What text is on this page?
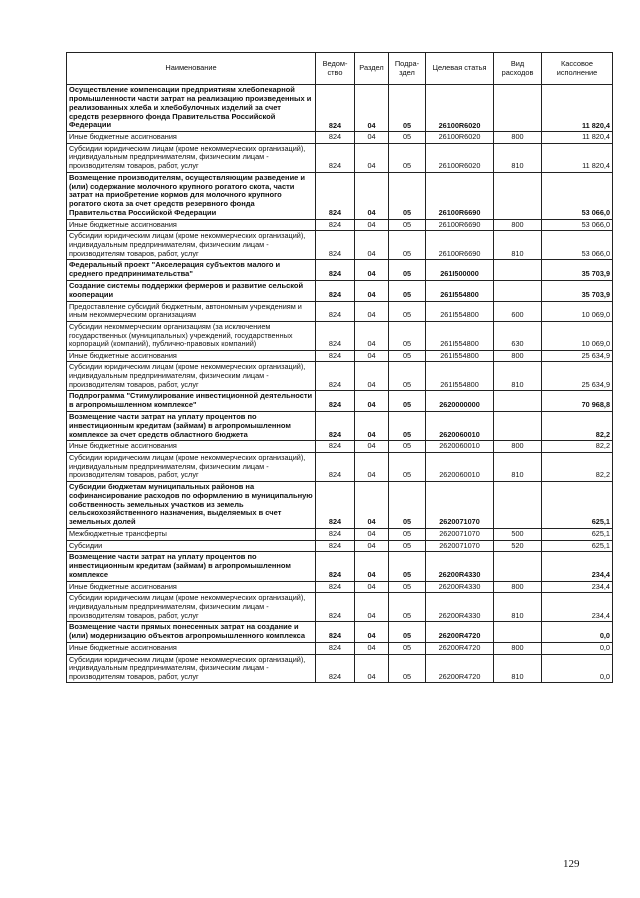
Наименование	Ведом-ство	Раздел	Подра-здел	Целевая статья	Вид расходов	Кассовое исполнение
Осуществление компенсации предприятиям хлебопекарной промышленности части затрат на реализацию произведенных и реализованных хлеба и хлебобулочных изделий за счет средств резервного фонда Правительства Российской Федерации	824	04	05	26100R6020		11 820,4
Иные бюджетные ассигнования	824	04	05	26100R6020	800	11 820,4
Субсидии юридическим лицам (кроме некоммерческих организаций), индивидуальным предпринимателям, физическим лицам - производителям товаров, работ, услуг	824	04	05	26100R6020	810	11 820,4
Возмещение производителям, осуществляющим разведение и (или) содержание молочного крупного рогатого скота, части затрат на приобретение кормов для молочного крупного рогатого скота за счет средств резервного фонда Правительства Российской Федерации	824	04	05	26100R6690		53 066,0
Иные бюджетные ассигнования	824	04	05	26100R6690	800	53 066,0
Субсидии юридическим лицам (кроме некоммерческих организаций), индивидуальным предпринимателям, физическим лицам - производителям товаров, работ, услуг	824	04	05	26100R6690	810	53 066,0
Федеральный проект "Акселерация субъектов малого и среднего предпринимательства"	824	04	05	261I500000		35 703,9
Создание системы поддержки фермеров и развитие сельской кооперации	824	04	05	261I554800		35 703,9
Предоставление субсидий бюджетным, автономным учреждениям и иным некоммерческим организациям	824	04	05	261I554800	600	10 069,0
Субсидии некоммерческим организациям (за исключением государственных (муниципальных) учреждений, государственных корпораций (компаний), публично-правовых компаний)	824	04	05	261I554800	630	10 069,0
Иные бюджетные ассигнования	824	04	05	261I554800	800	25 634,9
Субсидии юридическим лицам (кроме некоммерческих организаций), индивидуальным предпринимателям, физическим лицам - производителям товаров, работ, услуг	824	04	05	261I554800	810	25 634,9
Подпрограмма "Стимулирование инвестиционной деятельности в агропромышленном комплексе"	824	04	05	2620000000		70 968,8
Возмещение части затрат на уплату процентов по инвестиционным кредитам (займам) в агропромышленном комплексе за счет средств областного бюджета	824	04	05	2620060010		82,2
Иные бюджетные ассигнования	824	04	05	2620060010	800	82,2
Субсидии юридическим лицам (кроме некоммерческих организаций), индивидуальным предпринимателям, физическим лицам - производителям товаров, работ, услуг	824	04	05	2620060010	810	82,2
Субсидии бюджетам муниципальных районов на софинансирование расходов по оформлению в муниципальную собственность земельных участков из земель сельскохозяйственного назначения, выделяемых в счет земельных долей	824	04	05	2620071070		625,1
Межбюджетные трансферты	824	04	05	2620071070	500	625,1
Субсидии	824	04	05	2620071070	520	625,1
Возмещение части затрат на уплату процентов по инвестиционным кредитам (займам) в агропромышленном комплексе	824	04	05	26200R4330		234,4
Иные бюджетные ассигнования	824	04	05	26200R4330	800	234,4
Субсидии юридическим лицам (кроме некоммерческих организаций), индивидуальным предпринимателям, физическим лицам - производителям товаров, работ, услуг	824	04	05	26200R4330	810	234,4
Возмещение части прямых понесенных затрат на создание и (или) модернизацию объектов агропромышленного комплекса	824	04	05	26200R4720		0,0
Иные бюджетные ассигнования	824	04	05	26200R4720	800	0,0
Субсидии юридическим лицам (кроме некоммерческих организаций), индивидуальным предпринимателям, физическим лицам - производителям товаров, работ, услуг	824	04	05	26200R4720	810	0,0
129
